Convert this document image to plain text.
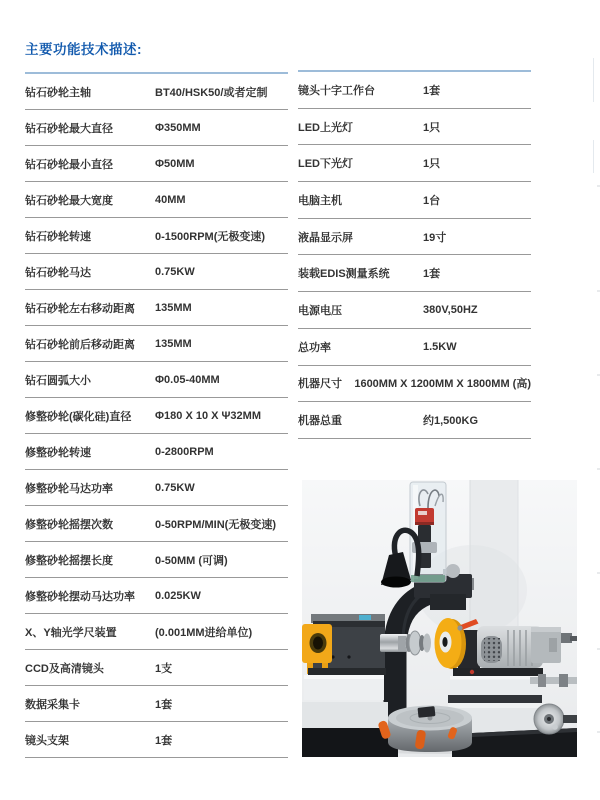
主要功能技术描述:
钻石砂轮主轴	BT40/HSK50/或者定制
钻石砂轮最大直径	Φ350MM
钻石砂轮最小直径	Φ50MM
钻石砂轮最大宽度	40MM
钻石砂轮转速	0-1500RPM(无极变速)
钻石砂轮马达	0.75KW
钻石砂轮左右移动距离	135MM
钻石砂轮前后移动距离	135MM
钻石圆弧大小	Φ0.05-40MM
修整砂轮(碳化硅)直径	Φ180 X 10 X Ψ32MM
修整砂轮转速	0-2800RPM
修整砂轮马达功率	0.75KW
修整砂轮摇摆次数	0-50RPM/MIN(无极变速)
修整砂轮摇摆长度	0-50MM (可调)
修整砂轮摆动马达功率	0.025KW
X、Y轴光学尺装置	(0.001MM进给单位)
CCD及高清镜头	1支
数据采集卡	1套
镜头支架	1套
镜头十字工作台	1套
LED上光灯	1只
LED下光灯	1只
电脑主机	1台
液晶显示屏	19寸
装载EDIS测量系统	1套
电源电压	380V,50HZ
总功率	1.5KW
机器尺寸	1600MM X 1200MM X 1800MM (高)
机器总重	约1,500KG
